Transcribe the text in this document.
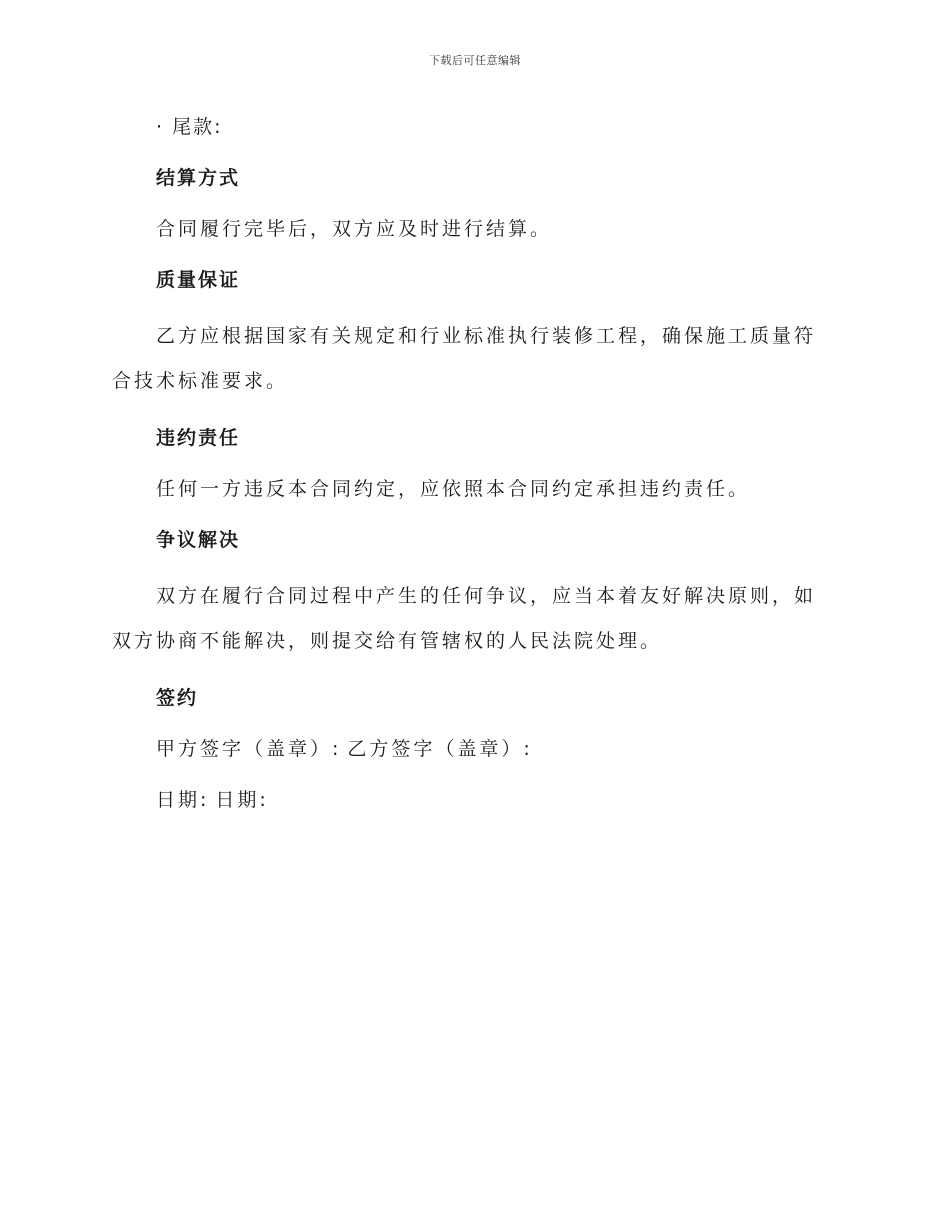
下载后可任意编辑

· 尾款:

结算方式

合同履行完毕后，双方应及时进行结算。

质量保证

乙方应根据国家有关规定和行业标准执行装修工程，确保施工质量符合技术标准要求。

违约责任

任何一方违反本合同约定，应依照本合同约定承担违约责任。

争议解决

双方在履行合同过程中产生的任何争议，应当本着友好解决原则，如双方协商不能解决，则提交给有管辖权的人民法院处理。

签约

甲方签字（盖章）: 乙方签字（盖章）:

日期: 日期:
